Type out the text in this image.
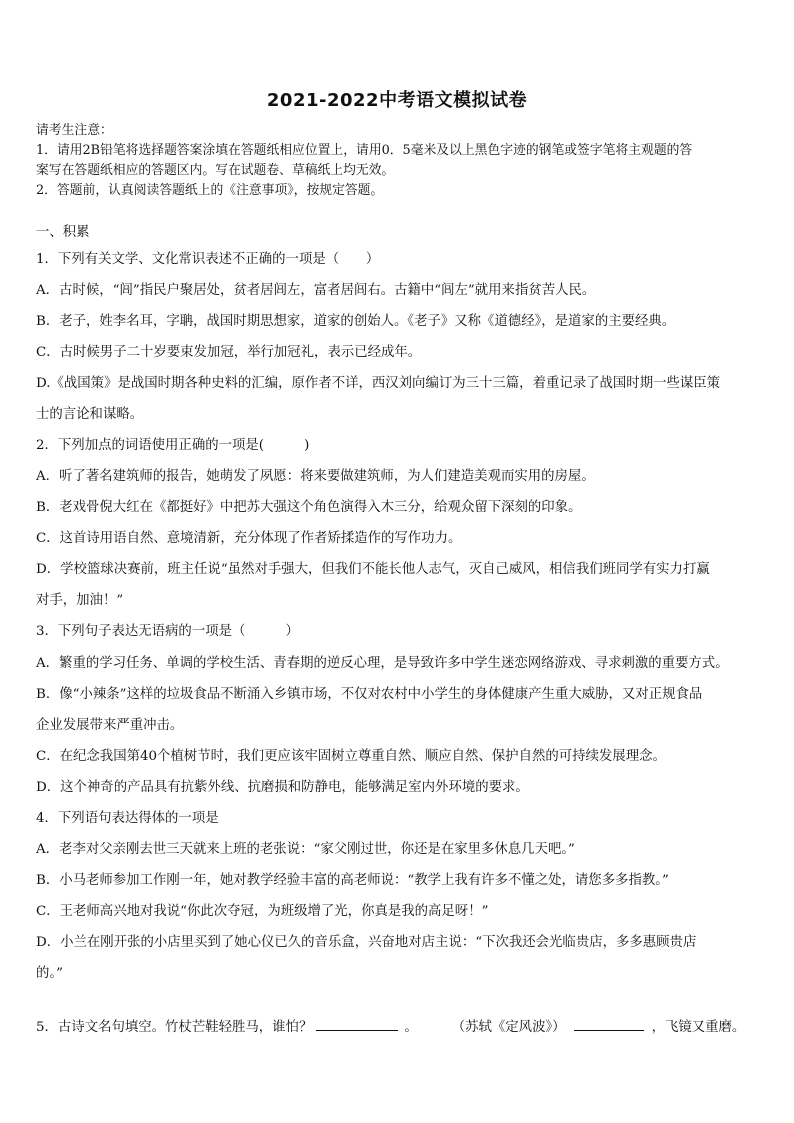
2021-2022中考语文模拟试卷
请考生注意：
1．请用2B铅笔将选择题答案涂填在答题纸相应位置上，请用0．5毫米及以上黑色字迹的钢笔或签字笔将主观题的答
案写在答题纸相应的答题区内。写在试题卷、草稿纸上均无效。
2．答题前，认真阅读答题纸上的《注意事项》，按规定答题。
一、积累
1．下列有关文学、文化常识表述不正确的一项是（　　）
A．古时候，“闾”指民户聚居处，贫者居闾左，富者居闾右。古籍中“闾左”就用来指贫苦人民。
B．老子，姓李名耳，字聃，战国时期思想家，道家的创始人。《老子》又称《道德经》，是道家的主要经典。
C．古时候男子二十岁要束发加冠，举行加冠礼，表示已经成年。
D.《战国策》是战国时期各种史料的汇编，原作者不详，西汉刘向编订为三十三篇，着重记录了战国时期一些谋臣策
士的言论和谋略。
2．下列加点的词语使用正确的一项是(　　　)
A．听了著名建筑师的报告，她萌发了夙愿：将来要做建筑师，为人们建造美观而实用的房屋。
B．老戏骨倪大红在《都挺好》中把苏大强这个角色演得入木三分，给观众留下深刻的印象。
C．这首诗用语自然、意境清新，充分体现了作者矫揉造作的写作功力。
D．学校篮球决赛前，班主任说“虽然对手强大，但我们不能长他人志气，灭自己威风，相信我们班同学有实力打赢
对手，加油！”
3．下列句子表达无语病的一项是（　　　）
A．繁重的学习任务、单调的学校生活、青春期的逆反心理，是导致许多中学生迷恋网络游戏、寻求刺激的重要方式。
B．像“小辣条”这样的垃圾食品不断涌入乡镇市场，不仅对农村中小学生的身体健康产生重大威胁，又对正规食品
企业发展带来严重冲击。
C．在纪念我国第40个植树节时，我们更应该牢固树立尊重自然、顺应自然、保护自然的可持续发展理念。
D．这个神奇的产品具有抗紫外线、抗磨损和防静电，能够满足室内外环境的要求。
4．下列语句表达得体的一项是
A．老李对父亲刚去世三天就来上班的老张说：“家父刚过世，你还是在家里多休息几天吧。”
B．小马老师参加工作刚一年，她对教学经验丰富的高老师说：“教学上我有许多不懂之处，请您多多指教。”
C．王老师高兴地对我说“你此次夺冠，为班级增了光，你真是我的高足呀！”
D．小兰在刚开张的小店里买到了她心仪已久的音乐盒，兴奋地对店主说：“下次我还会光临贵店，多多惠顾贵店
的。”
5．古诗文名句填空。竹杖芒鞋轻胜马，谁怕？	。	（苏轼《定风波》）	，飞镜又重磨。
